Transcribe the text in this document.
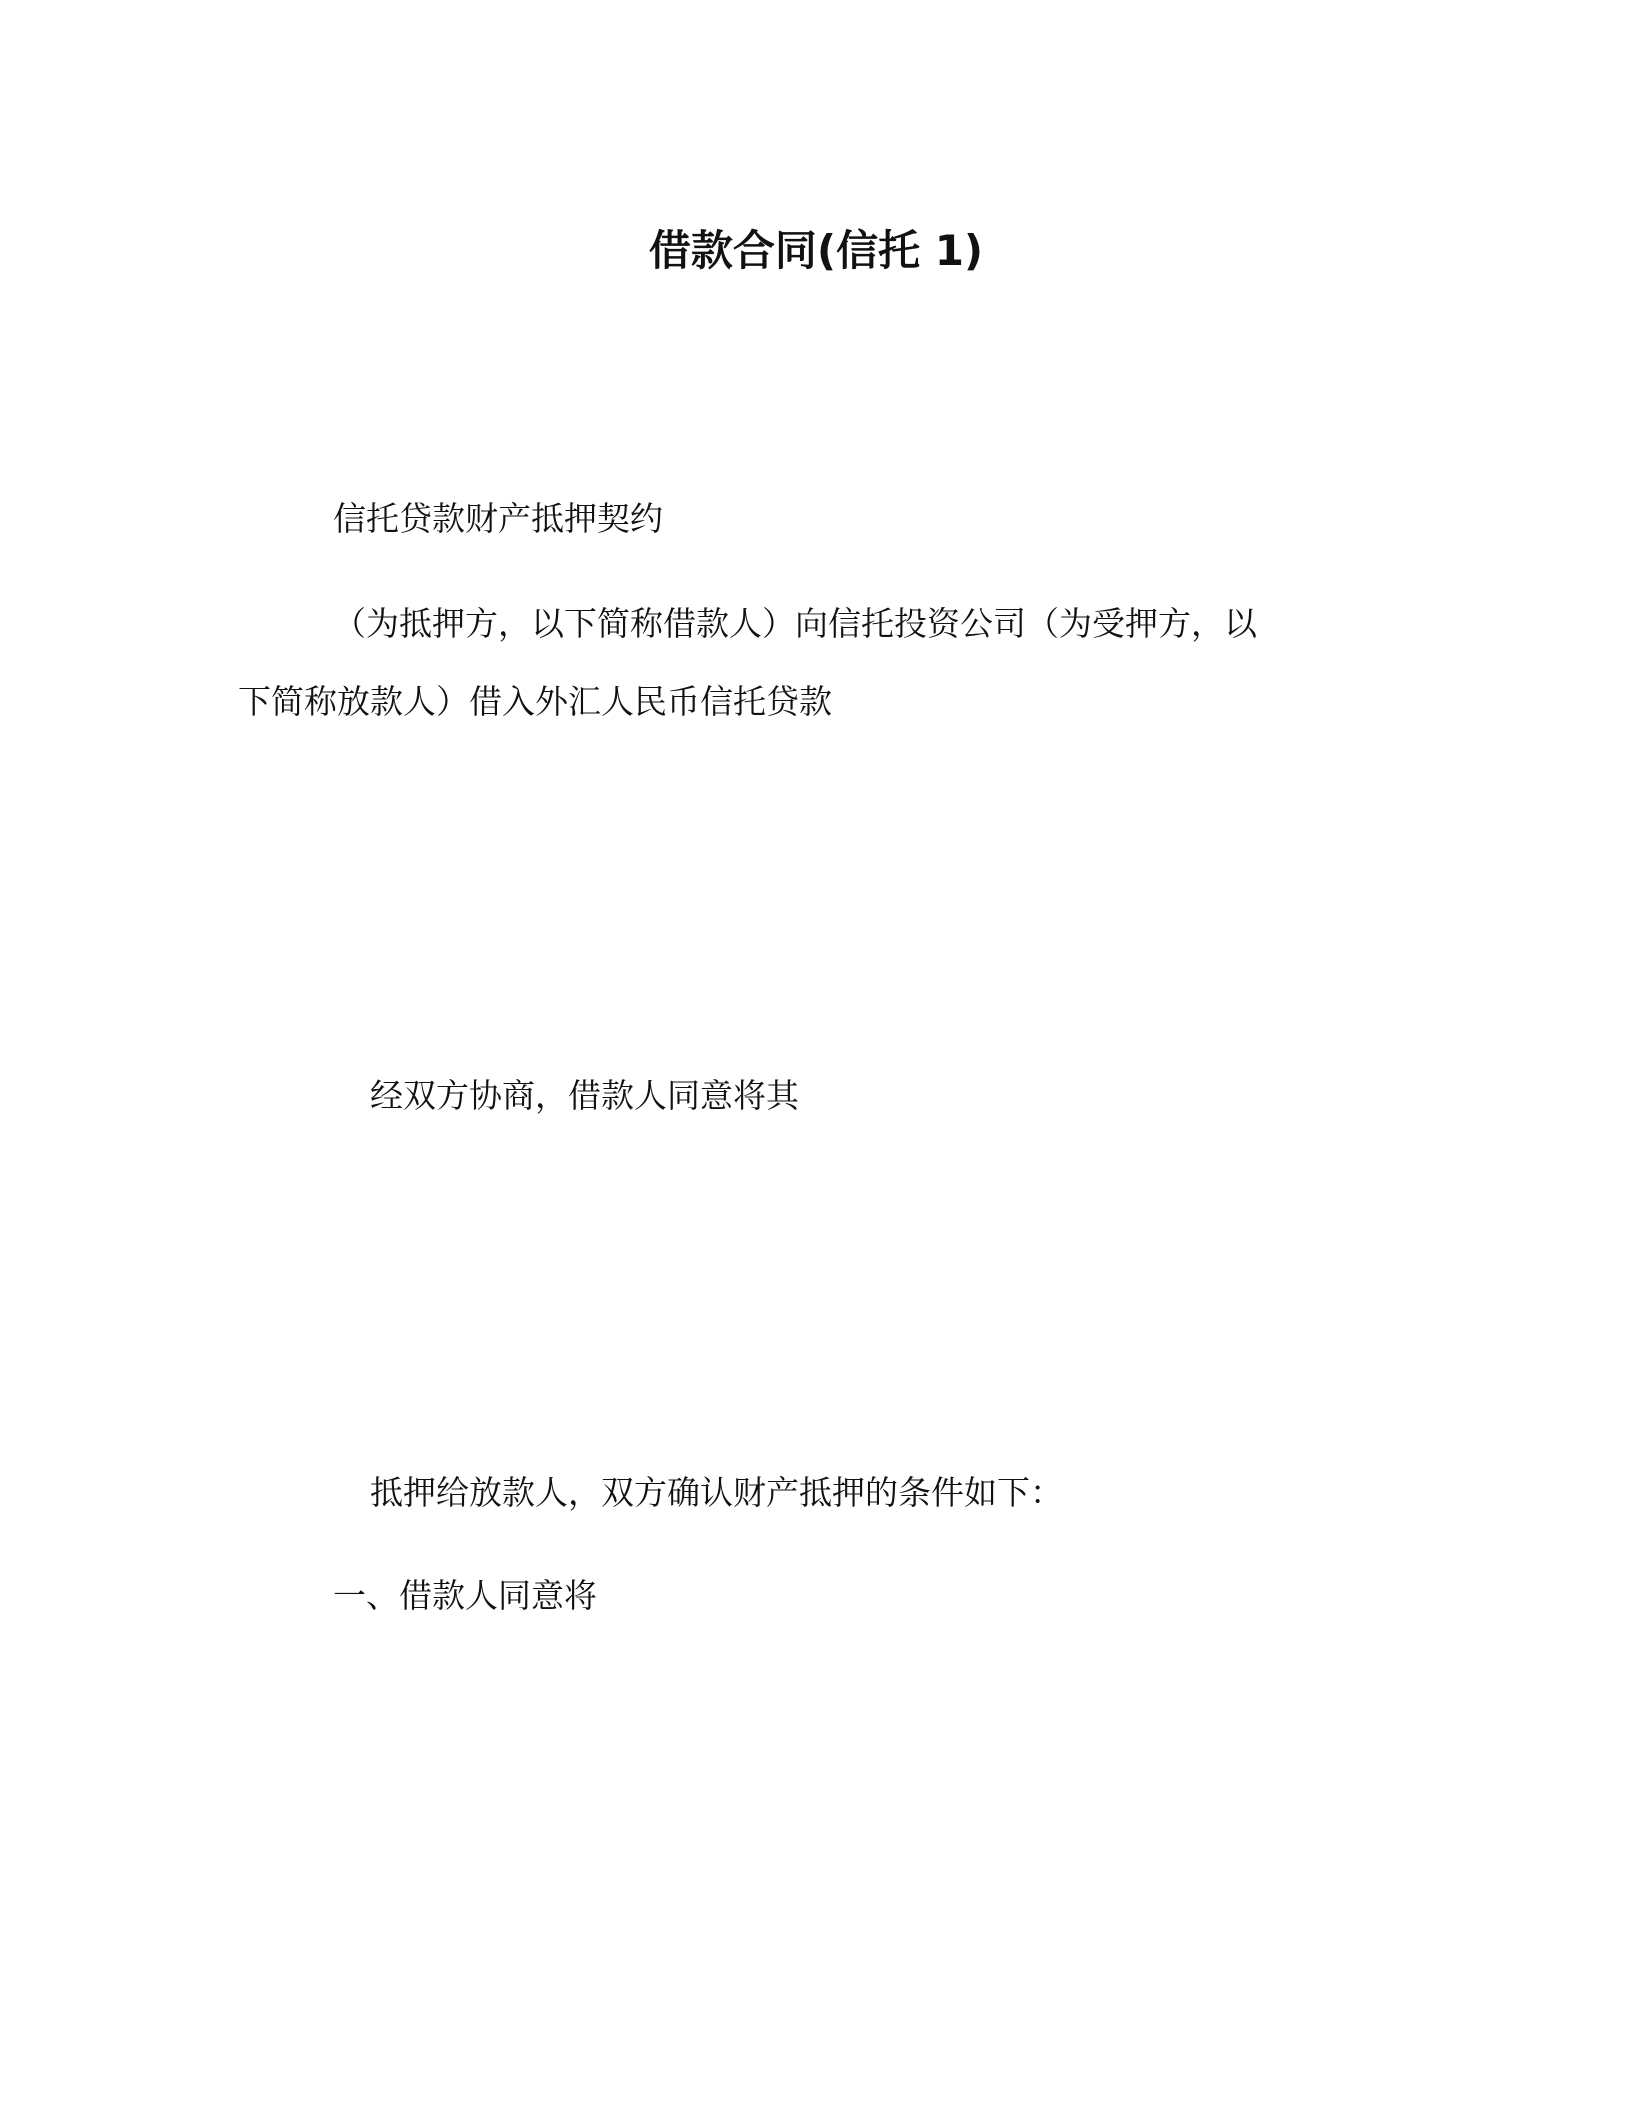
借款合同(信托 1)
信托贷款财产抵押契约
（为抵押方，以下简称借款人）向信托投资公司（为受押方，以
下简称放款人）借入外汇人民币信托贷款
经双方协商，借款人同意将其
抵押给放款人，双方确认财产抵押的条件如下：
一、借款人同意将
